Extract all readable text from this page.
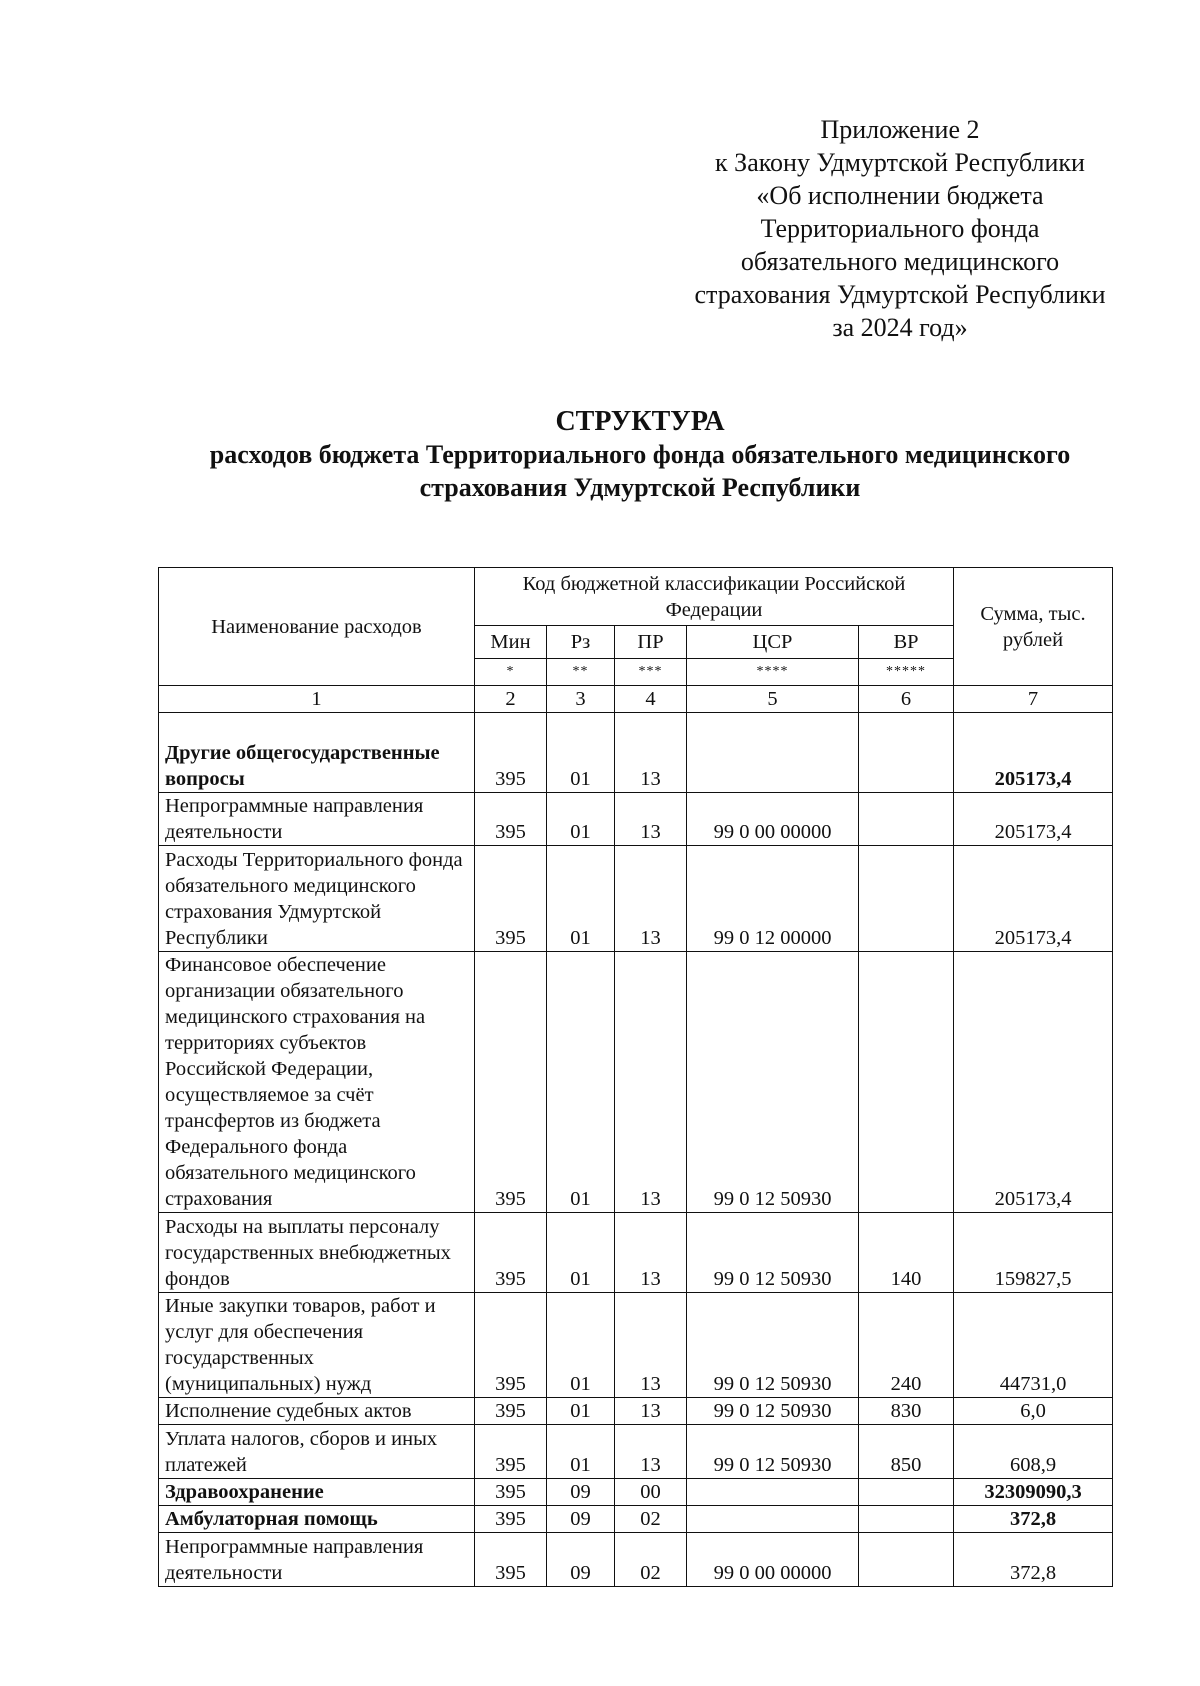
Приложение 2
к Закону Удмуртской Республики
«Об исполнении бюджета
Территориального фонда
обязательного медицинского
страхования Удмуртской Республики
за 2024 год»
СТРУКТУРА
расходов бюджета Территориального фонда обязательного медицинского
страхования Удмуртской Республики
Наименование расходов	Код бюджетной классификации Российской Федерации					Сумма, тыс. рублей
	Мин	Рз	ПР	ЦСР	ВР	
	*	**	***	****	*****	
1	2	3	4	5	6	7
Другие общегосударственные вопросы	395	01	13			205173,4
Непрограммные направления деятельности	395	01	13	99 0 00 00000		205173,4
Расходы Территориального фонда обязательного медицинского страхования Удмуртской Республики	395	01	13	99 0 12 00000		205173,4
Финансовое обеспечение организации обязательного медицинского страхования на территориях субъектов Российской Федерации, осуществляемое за счёт трансфертов из бюджета Федерального фонда обязательного медицинского страхования	395	01	13	99 0 12 50930		205173,4
Расходы на выплаты персоналу государственных внебюджетных фондов	395	01	13	99 0 12 50930	140	159827,5
Иные закупки товаров, работ и услуг для обеспечения государственных (муниципальных) нужд	395	01	13	99 0 12 50930	240	44731,0
Исполнение судебных актов	395	01	13	99 0 12 50930	830	6,0
Уплата налогов, сборов и иных платежей	395	01	13	99 0 12 50930	850	608,9
Здравоохранение	395	09	00			32309090,3
Амбулаторная помощь	395	09	02			372,8
Непрограммные направления деятельности	395	09	02	99 0 00 00000		372,8
